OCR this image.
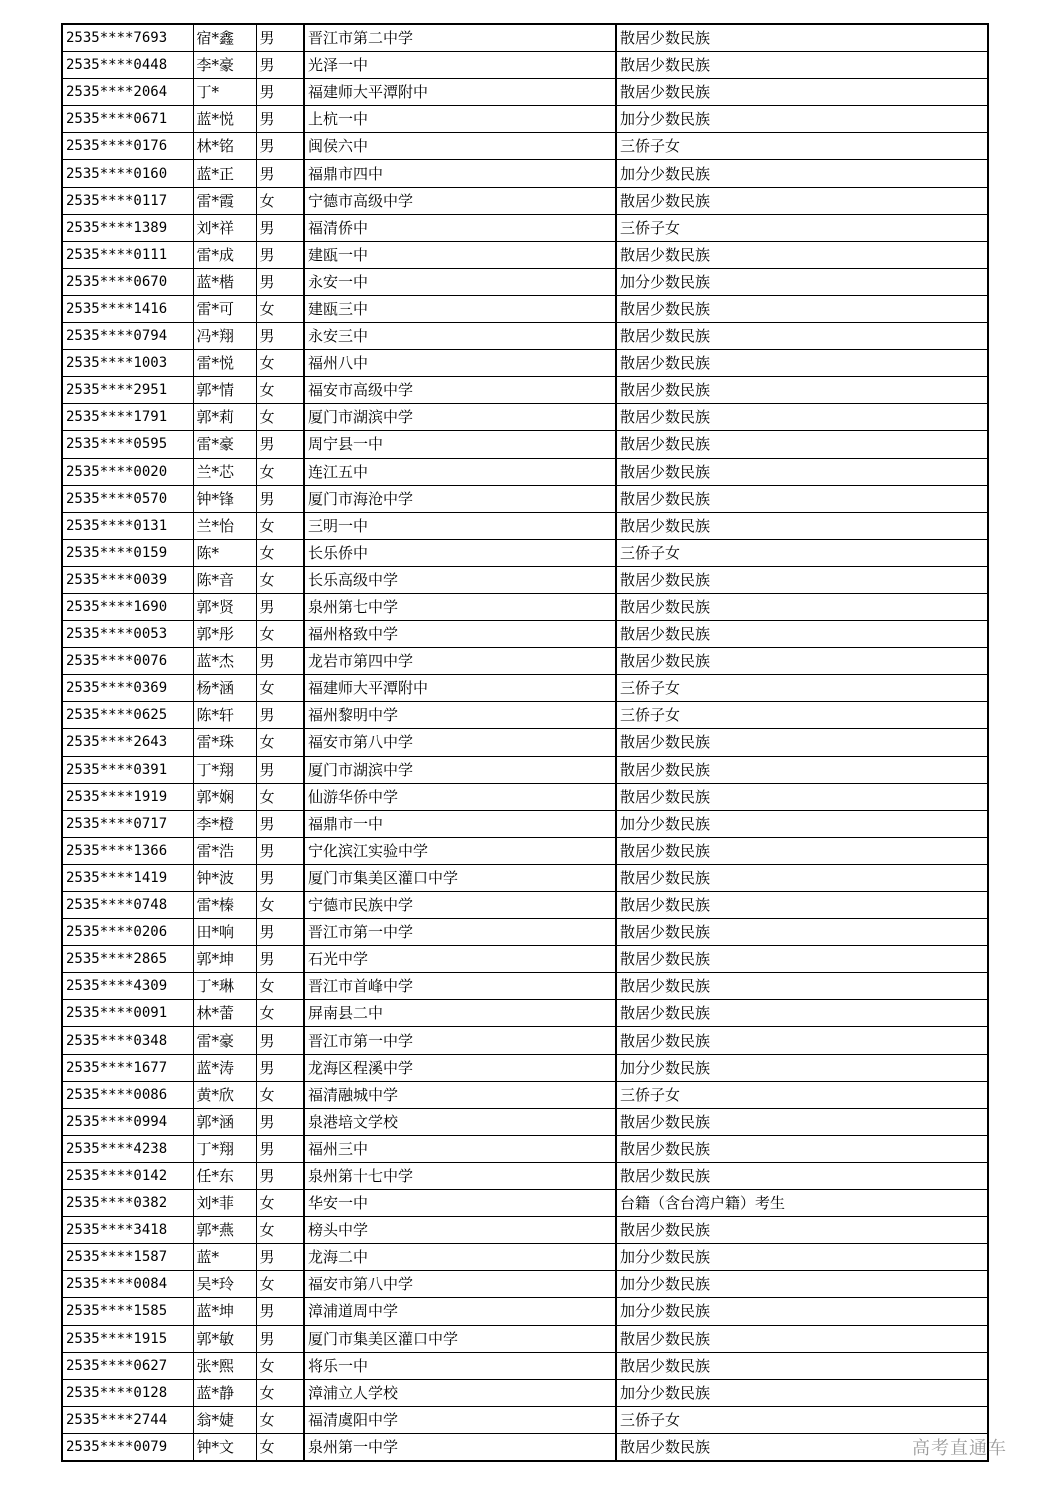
2535****7693	宿*鑫	男	晋江市第二中学	散居少数民族
2535****0448	李*豪	男	光泽一中	散居少数民族
2535****2064	丁*	男	福建师大平潭附中	散居少数民族
2535****0671	蓝*悦	男	上杭一中	加分少数民族
2535****0176	林*铭	男	闽侯六中	三侨子女
2535****0160	蓝*正	男	福鼎市四中	加分少数民族
2535****0117	雷*霞	女	宁德市高级中学	散居少数民族
2535****1389	刘*祥	男	福清侨中	三侨子女
2535****0111	雷*成	男	建瓯一中	散居少数民族
2535****0670	蓝*楷	男	永安一中	加分少数民族
2535****1416	雷*可	女	建瓯三中	散居少数民族
2535****0794	冯*翔	男	永安三中	散居少数民族
2535****1003	雷*悦	女	福州八中	散居少数民族
2535****2951	郭*情	女	福安市高级中学	散居少数民族
2535****1791	郭*莉	女	厦门市湖滨中学	散居少数民族
2535****0595	雷*豪	男	周宁县一中	散居少数民族
2535****0020	兰*芯	女	连江五中	散居少数民族
2535****0570	钟*锋	男	厦门市海沧中学	散居少数民族
2535****0131	兰*怡	女	三明一中	散居少数民族
2535****0159	陈*	女	长乐侨中	三侨子女
2535****0039	陈*音	女	长乐高级中学	散居少数民族
2535****1690	郭*贤	男	泉州第七中学	散居少数民族
2535****0053	郭*彤	女	福州格致中学	散居少数民族
2535****0076	蓝*杰	男	龙岩市第四中学	散居少数民族
2535****0369	杨*涵	女	福建师大平潭附中	三侨子女
2535****0625	陈*轩	男	福州黎明中学	三侨子女
2535****2643	雷*珠	女	福安市第八中学	散居少数民族
2535****0391	丁*翔	男	厦门市湖滨中学	散居少数民族
2535****1919	郭*娴	女	仙游华侨中学	散居少数民族
2535****0717	李*橙	男	福鼎市一中	加分少数民族
2535****1366	雷*浩	男	宁化滨江实验中学	散居少数民族
2535****1419	钟*波	男	厦门市集美区灌口中学	散居少数民族
2535****0748	雷*榛	女	宁德市民族中学	散居少数民族
2535****0206	田*响	男	晋江市第一中学	散居少数民族
2535****2865	郭*坤	男	石光中学	散居少数民族
2535****4309	丁*琳	女	晋江市首峰中学	散居少数民族
2535****0091	林*蕾	女	屏南县二中	散居少数民族
2535****0348	雷*豪	男	晋江市第一中学	散居少数民族
2535****1677	蓝*涛	男	龙海区程溪中学	加分少数民族
2535****0086	黄*欣	女	福清融城中学	三侨子女
2535****0994	郭*涵	男	泉港培文学校	散居少数民族
2535****4238	丁*翔	男	福州三中	散居少数民族
2535****0142	任*东	男	泉州第十七中学	散居少数民族
2535****0382	刘*菲	女	华安一中	台籍（含台湾户籍）考生
2535****3418	郭*燕	女	榜头中学	散居少数民族
2535****1587	蓝*	男	龙海二中	加分少数民族
2535****0084	吴*玲	女	福安市第八中学	加分少数民族
2535****1585	蓝*坤	男	漳浦道周中学	加分少数民族
2535****1915	郭*敏	男	厦门市集美区灌口中学	散居少数民族
2535****0627	张*熙	女	将乐一中	散居少数民族
2535****0128	蓝*静	女	漳浦立人学校	加分少数民族
2535****2744	翁*婕	女	福清虞阳中学	三侨子女
2535****0079	钟*文	女	泉州第一中学	散居少数民族	高考直通车
